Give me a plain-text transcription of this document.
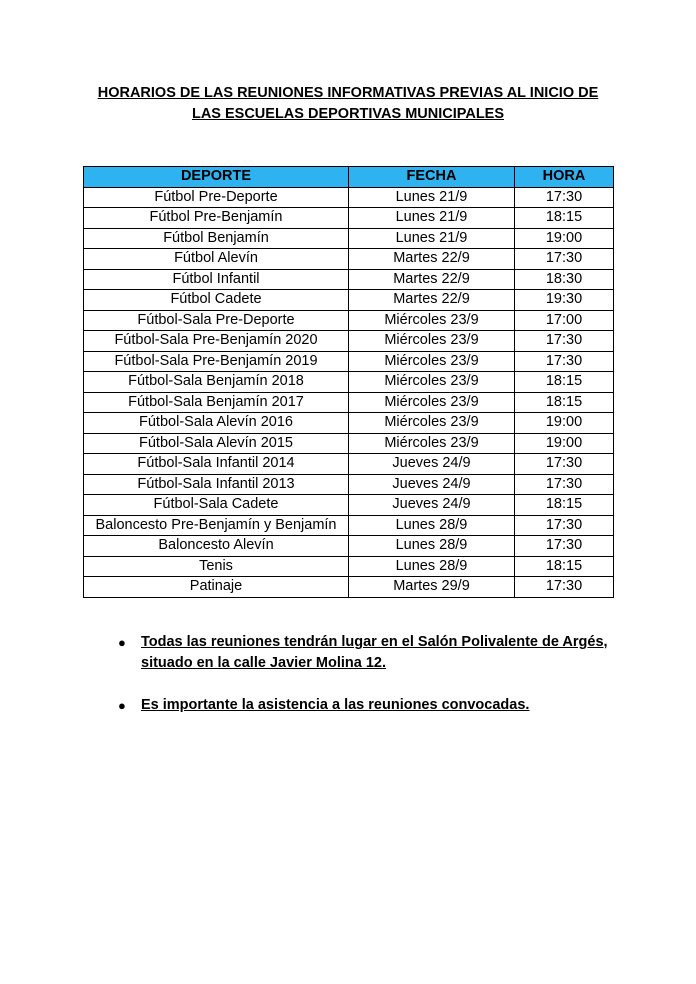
HORARIOS DE LAS REUNIONES INFORMATIVAS PREVIAS AL INICIO DE
LAS ESCUELAS DEPORTIVAS MUNICIPALES
DEPORTE	FECHA	HORA
Fútbol Pre-Deporte	Lunes 21/9	17:30
Fútbol Pre-Benjamín	Lunes 21/9	18:15
Fútbol Benjamín	Lunes 21/9	19:00
Fútbol Alevín	Martes 22/9	17:30
Fútbol Infantil	Martes 22/9	18:30
Fútbol Cadete	Martes 22/9	19:30
Fútbol-Sala Pre-Deporte	Miércoles 23/9	17:00
Fútbol-Sala Pre-Benjamín 2020	Miércoles 23/9	17:30
Fútbol-Sala Pre-Benjamín 2019	Miércoles 23/9	17:30
Fútbol-Sala Benjamín 2018	Miércoles 23/9	18:15
Fútbol-Sala Benjamín 2017	Miércoles 23/9	18:15
Fútbol-Sala Alevín 2016	Miércoles 23/9	19:00
Fútbol-Sala Alevín 2015	Miércoles 23/9	19:00
Fútbol-Sala Infantil 2014	Jueves 24/9	17:30
Fútbol-Sala Infantil 2013	Jueves 24/9	17:30
Fútbol-Sala Cadete	Jueves 24/9	18:15
Baloncesto Pre-Benjamín y Benjamín	Lunes 28/9	17:30
Baloncesto Alevín	Lunes 28/9	17:30
Tenis	Lunes 28/9	18:15
Patinaje	Martes 29/9	17:30
●	Todas las reuniones tendrán lugar en el Salón Polivalente de Argés,
situado en la calle Javier Molina 12.
●	Es importante la asistencia a las reuniones convocadas.
